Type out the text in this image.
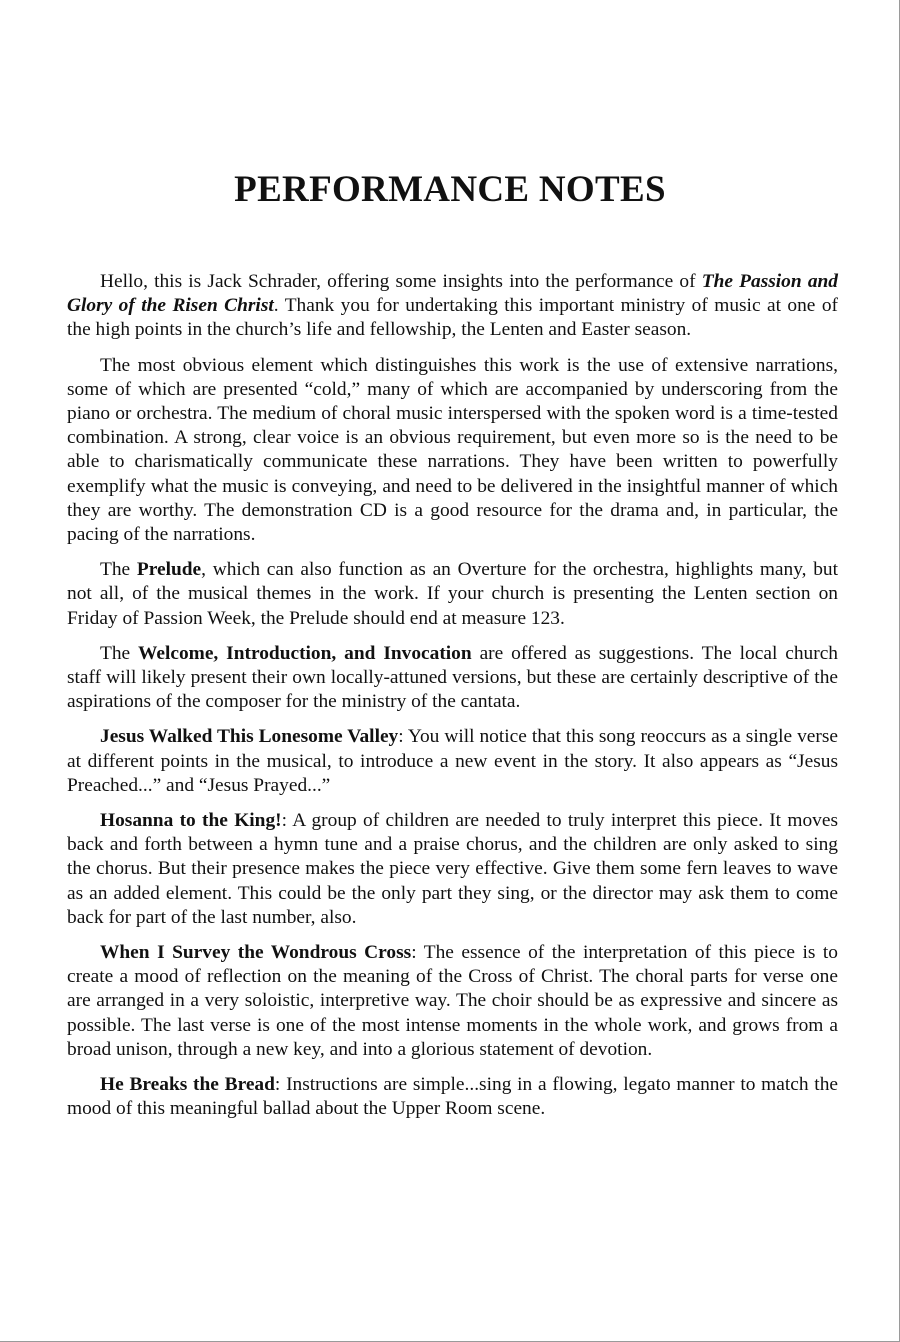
PERFORMANCE NOTES

Hello, this is Jack Schrader, offering some insights into the performance of The Passion and Glory of the Risen Christ. Thank you for undertaking this important ministry of music at one of the high points in the church’s life and fellowship, the Lenten and Easter season.

The most obvious element which distinguishes this work is the use of extensive narrations, some of which are presented “cold,” many of which are accompanied by underscoring from the piano or orchestra. The medium of choral music interspersed with the spoken word is a time-tested combination. A strong, clear voice is an obvious requirement, but even more so is the need to be able to charismatically communicate these narrations. They have been written to powerfully exemplify what the music is conveying, and need to be delivered in the insightful manner of which they are worthy. The demonstration CD is a good resource for the drama and, in particular, the pacing of the narrations.

The Prelude, which can also function as an Overture for the orchestra, highlights many, but not all, of the musical themes in the work. If your church is presenting the Lenten section on Friday of Passion Week, the Prelude should end at measure 123.

The Welcome, Introduction, and Invocation are offered as suggestions. The local church staff will likely present their own locally-attuned versions, but these are certainly descriptive of the aspirations of the composer for the ministry of the cantata.

Jesus Walked This Lonesome Valley: You will notice that this song reoccurs as a single verse at different points in the musical, to introduce a new event in the story. It also appears as “Jesus Preached...” and “Jesus Prayed...”

Hosanna to the King!: A group of children are needed to truly interpret this piece. It moves back and forth between a hymn tune and a praise chorus, and the children are only asked to sing the chorus. But their presence makes the piece very effective. Give them some fern leaves to wave as an added element. This could be the only part they sing, or the director may ask them to come back for part of the last number, also.

When I Survey the Wondrous Cross: The essence of the interpretation of this piece is to create a mood of reflection on the meaning of the Cross of Christ. The choral parts for verse one are arranged in a very soloistic, interpretive way. The choir should be as expressive and sincere as possible. The last verse is one of the most intense moments in the whole work, and grows from a broad unison, through a new key, and into a glorious statement of devotion.

He Breaks the Bread: Instructions are simple...sing in a flowing, legato manner to match the mood of this meaningful ballad about the Upper Room scene.
